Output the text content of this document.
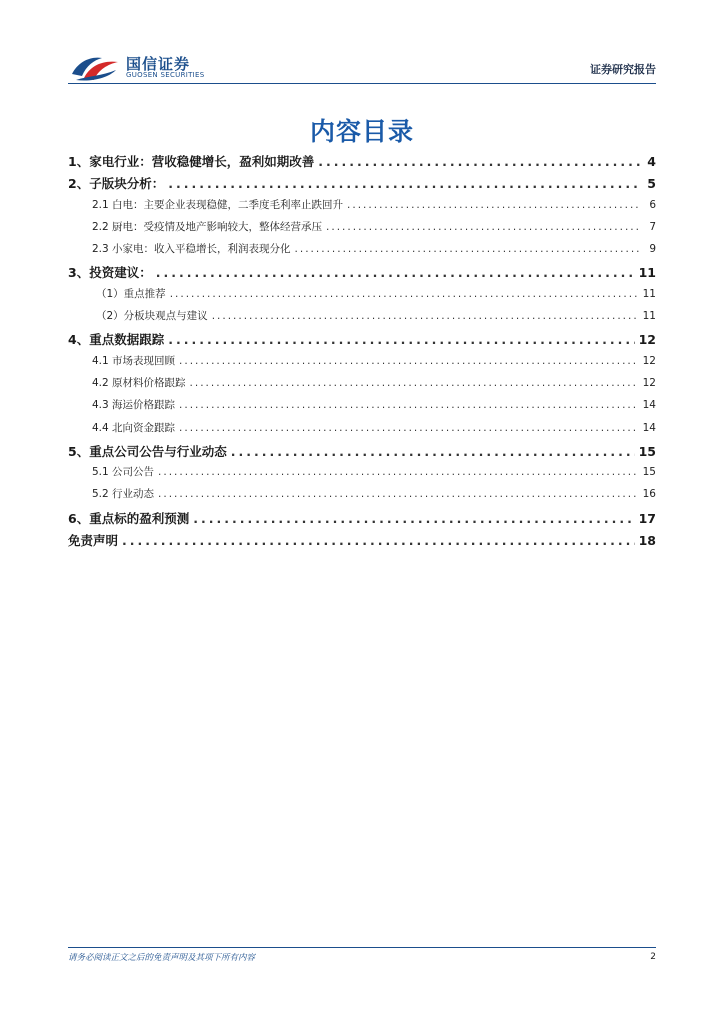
国信证券
GUOSEN SECURITIES	证券研究报告
内容目录
1、家电行业：营收稳健增长，盈利如期改善 .....	4
2、子版块分析： .....	5
2.1 白电：主要企业表现稳健，二季度毛利率止跌回升 .....	6
2.2 厨电：受疫情及地产影响较大，整体经营承压 .....	7
2.3 小家电：收入平稳增长，利润表现分化 .....	9
3、投资建议： .....	11
（1）重点推荐 .....	11
（2）分板块观点与建议 .....	11
4、重点数据跟踪 .....	12
4.1 市场表现回顾 .....	12
4.2 原材料价格跟踪 .....	12
4.3 海运价格跟踪 .....	14
4.4 北向资金跟踪 .....	14
5、重点公司公告与行业动态 .....	15
5.1 公司公告 .....	15
5.2 行业动态 .....	16
6、重点标的盈利预测 .....	17
免责声明 .....	18
请务必阅读正文之后的免责声明及其项下所有内容	2
